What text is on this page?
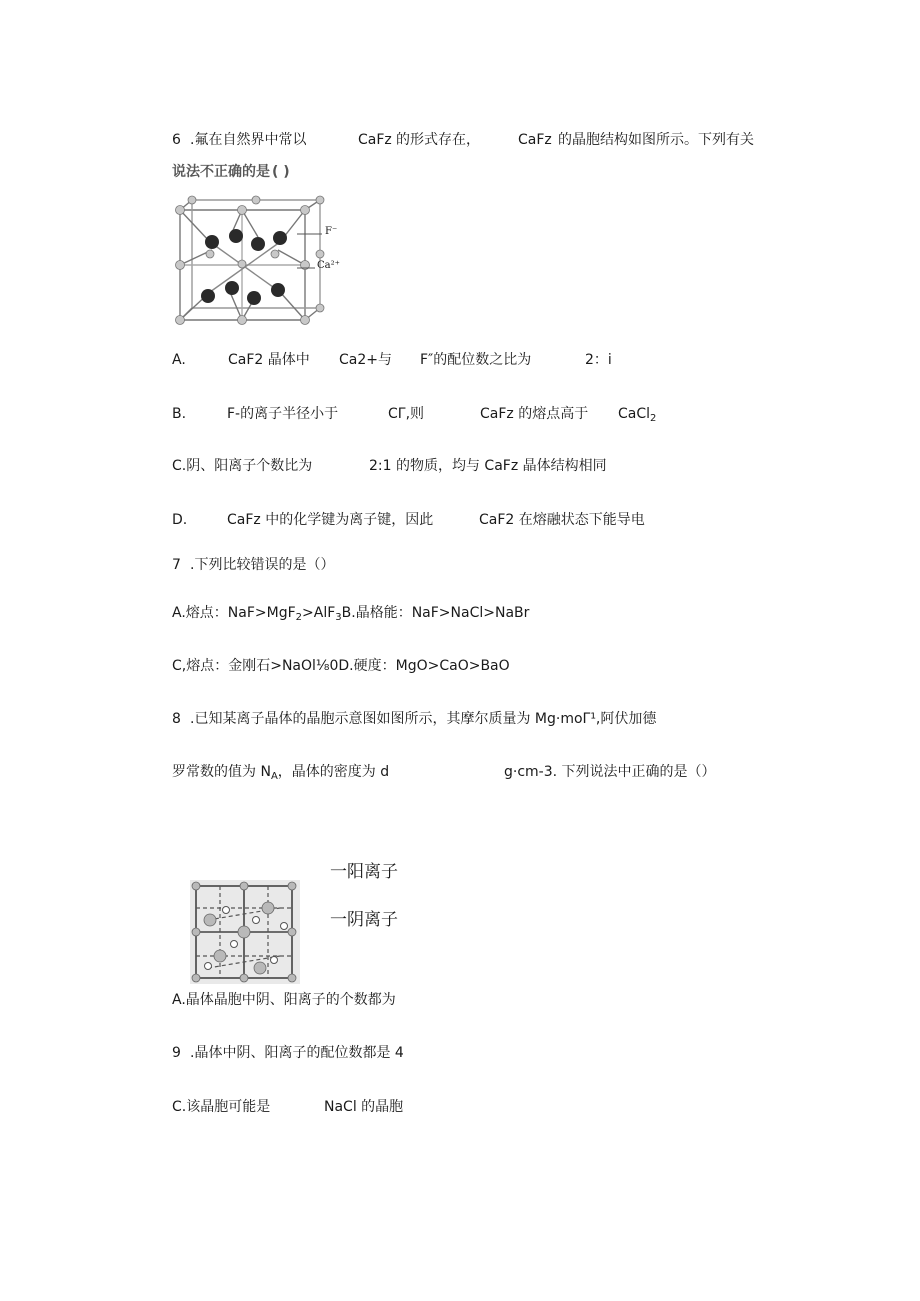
6 .氟在自然界中常以	CaFz 的形式存在，	CaFz 的晶胞结构如图所示。下列有关
说法不正确的是 ( )
F⁻
Ca²⁺
A.	CaF2 晶体中 Ca2+与 F″的配位数之比为	2：i
B.	F-的离子半径小于	CΓ,则	CaFz 的熔点高于 CaCl$_2$
C.阴、阳离子个数比为	2:1 的物质，均与 CaFz 晶体结构相同
D.	CaFz 中的化学键为离子键，因此	CaF2 在熔融状态下能导电
7 .下列比较错误的是（）
A.熔点：NaF>MgF$_2$>AlF$_3$B.晶格能：NaF>NaCl>NaBr
C,熔点：金刚石>NaOl⅛0D.硬度：MgO>CaO>BaO
8 .已知某离子晶体的晶胞示意图如图所示，其摩尔质量为 Mg·moΓ¹,阿伏加德
罗常数的值为 $N_A$，晶体的密度为 d	g·cm-3. 下列说法中正确的是（）
一阳离子
一阴离子
A.晶体晶胞中阴、阳离子的个数都为
9 .晶体中阴、阳离子的配位数都是 4
C.该晶胞可能是	NaCl 的晶胞
